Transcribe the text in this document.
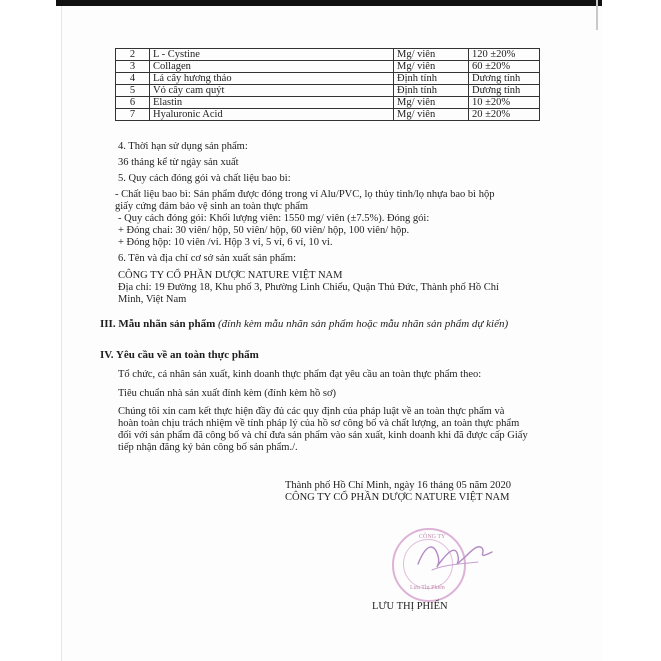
2	L - Cystine	Mg/ viên	120 ±20%
3	Collagen	Mg/ viên	60 ±20%
4	Lá cây hương thảo	Định tính	Dương tính
5	Vỏ cây cam quýt	Định tính	Dương tính
6	Elastin	Mg/ viên	10 ±20%
7	Hyaluronic Acid	Mg/ viên	20 ±20%
4. Thời hạn sử dụng sản phẩm:
36 tháng kể từ ngày sản xuất
5. Quy cách đóng gói và chất liệu bao bì:
- Chất liệu bao bì: Sản phẩm được đóng trong vỉ Alu/PVC, lọ thủy tinh/lọ nhựa bao bì hộp
giấy cứng đảm bảo vệ sinh an toàn thực phẩm
- Quy cách đóng gói: Khối lượng viên: 1550 mg/ viên (±7.5%). Đóng gói:
+ Đóng chai: 30 viên/ hộp, 50 viên/ hộp, 60 viên/ hộp, 100 viên/ hộp.
+ Đóng hộp: 10 viên /vỉ. Hộp 3 vỉ, 5 vỉ, 6 vỉ, 10 vỉ.
6. Tên và địa chỉ cơ sở sản xuất sản phẩm:
CÔNG TY CỔ PHẦN DƯỢC NATURE VIỆT NAM
Địa chỉ: 19 Đường 18, Khu phố 3, Phường Linh Chiểu, Quận Thủ Đức, Thành phố Hồ Chí
Minh, Việt Nam
III. Mẫu nhãn sản phẩm (đính kèm mẫu nhãn sản phẩm hoặc mẫu nhãn sản phẩm dự kiến)
IV. Yêu cầu về an toàn thực phẩm
Tổ chức, cá nhân sản xuất, kinh doanh thực phẩm đạt yêu cầu an toàn thực phẩm theo:
Tiêu chuẩn nhà sản xuất đính kèm (đính kèm hồ sơ)
Chúng tôi xin cam kết thực hiện đầy đủ các quy định của pháp luật về an toàn thực phẩm và
hoàn toàn chịu trách nhiệm về tính pháp lý của hồ sơ công bố và chất lượng, an toàn thực phẩm
đối với sản phẩm đã công bố và chỉ đưa sản phẩm vào sản xuất, kinh doanh khi đã được cấp Giấy
tiếp nhận đăng ký bản công bố sản phẩm./.
Thành phố Hồ Chí Minh, ngày 16 tháng 05 năm 2020
CÔNG TY CỔ PHẦN DƯỢC NATURE VIỆT NAM
CÔNG TY
Lưu Thị Phiến
LƯU THỊ PHIẾN
